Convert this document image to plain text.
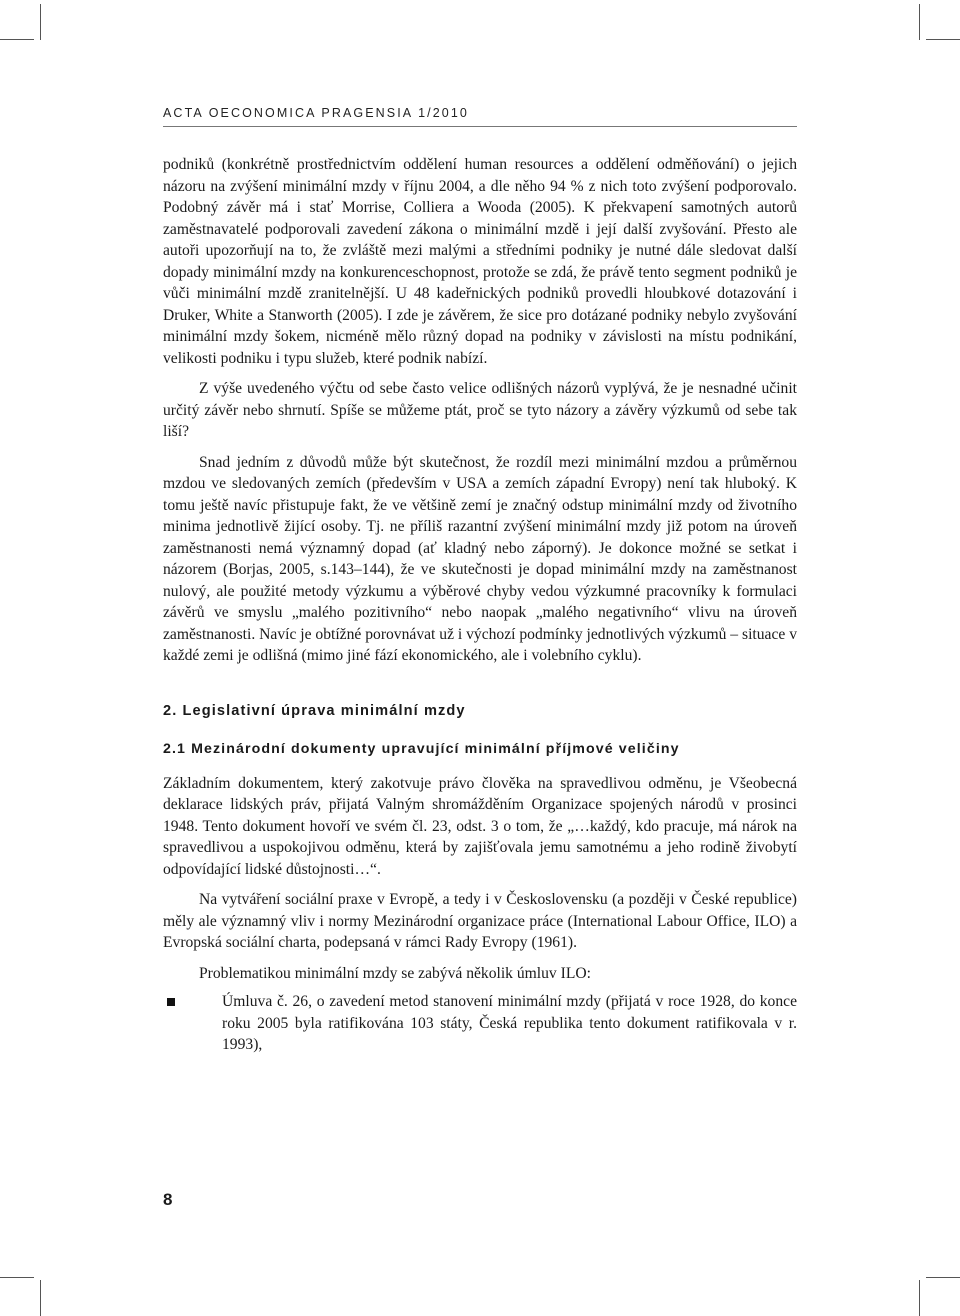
ACTA OECONOMICA PRAGENSIA 1/2010

podniků (konkrétně prostřednictvím oddělení human resources a oddělení odměňování) o jejich názoru na zvýšení minimální mzdy v říjnu 2004, a dle něho 94 % z nich toto zvýšení podporovalo. Podobný závěr má i stať Morrise, Colliera a Wooda (2005). K překvapení samotných autorů zaměstnavatelé podporovali zavedení zákona o minimální mzdě i její další zvyšování. Přesto ale autoři upozorňují na to, že zvláště mezi malými a středními podniky je nutné dále sledovat další dopady minimální mzdy na konkurenceschopnost, protože se zdá, že právě tento segment podniků je vůči minimální mzdě zranitelnější. U 48 kadeřnických podniků provedli hloubkové dotazování i Druker, White a Stanworth (2005). I zde je závěrem, že sice pro dotázané podniky nebylo zvyšování minimální mzdy šokem, nicméně mělo různý dopad na podniky v závislosti na místu podnikání, velikosti podniku i typu služeb, které podnik nabízí.

Z výše uvedeného výčtu od sebe často velice odlišných názorů vyplývá, že je nesnadné učinit určitý závěr nebo shrnutí. Spíše se můžeme ptát, proč se tyto názory a závěry výzkumů od sebe tak liší?

Snad jedním z důvodů může být skutečnost, že rozdíl mezi minimální mzdou a průměrnou mzdou ve sledovaných zemích (především v USA a zemích západní Evropy) není tak hluboký. K tomu ještě navíc přistupuje fakt, že ve většině zemí je značný odstup minimální mzdy od životního minima jednotlivě žijící osoby. Tj. ne příliš razantní zvýšení minimální mzdy již potom na úroveň zaměstnanosti nemá významný dopad (ať kladný nebo záporný). Je dokonce možné se setkat i názorem (Borjas, 2005, s.143–144), že ve skutečnosti je dopad minimální mzdy na zaměstnanost nulový, ale použité metody výzkumu a výběrové chyby vedou výzkumné pracovníky k formulaci závěrů ve smyslu „malého pozitivního“ nebo naopak „malého negativního“ vlivu na úroveň zaměstnanosti. Navíc je obtížné porovnávat už i výchozí podmínky jednotlivých výzkumů – situace v každé zemi je odlišná (mimo jiné fází ekonomického, ale i volebního cyklu).

2. Legislativní úprava minimální mzdy

2.1 Mezinárodní dokumenty upravující minimální příjmové veličiny

Základním dokumentem, který zakotvuje právo člověka na spravedlivou odměnu, je Všeobecná deklarace lidských práv, přijatá Valným shromážděním Organizace spojených národů v prosinci 1948. Tento dokument hovoří ve svém čl. 23, odst. 3 o tom, že „…každý, kdo pracuje, má nárok na spravedlivou a uspokojivou odměnu, která by zajišťovala jemu samotnému a jeho rodině živobytí odpovídající lidské důstojnosti…“.

Na vytváření sociální praxe v Evropě, a tedy i v Československu (a později v České republice) měly ale významný vliv i normy Mezinárodní organizace práce (International Labour Office, ILO) a Evropská sociální charta, podepsaná v rámci Rady Evropy (1961).

Problematikou minimální mzdy se zabývá několik úmluv ILO:

Úmluva č. 26, o zavedení metod stanovení minimální mzdy (přijatá v roce 1928, do konce roku 2005 byla ratifikována 103 státy, Česká republika tento dokument ratifikovala v r. 1993),
8
